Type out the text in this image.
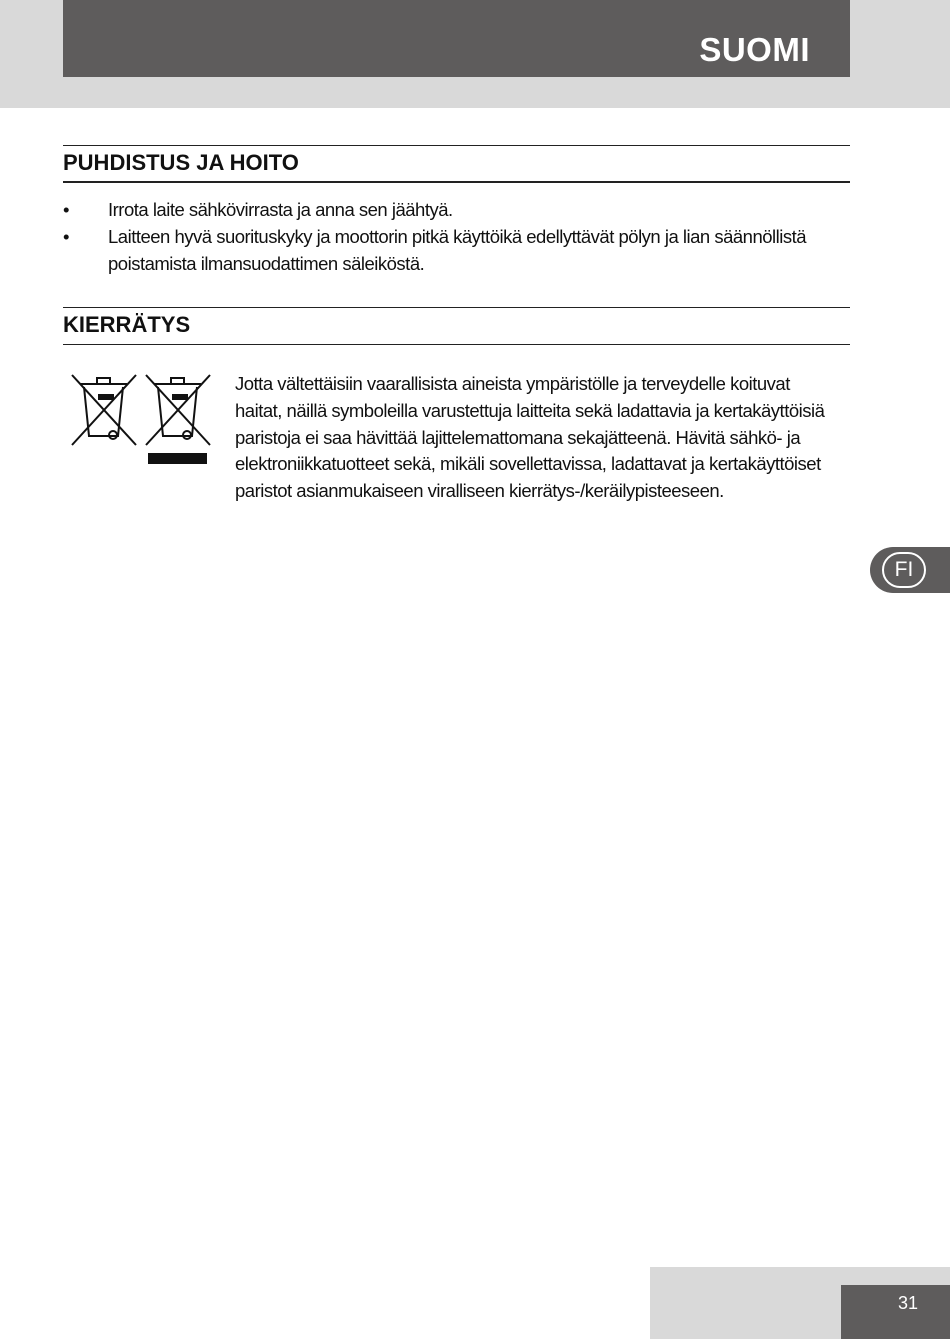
SUOMI
PUHDISTUS JA HOITO
• Irrota laite sähkövirrasta ja anna sen jäähtyä.
• Laitteen hyvä suorituskyky ja moottorin pitkä käyttöikä edellyttävät pölyn ja lian säännöllistä poistamista ilmansuodattimen säleiköstä.
KIERRÄTYS

Jotta vältettäisiin vaarallisista aineista ympäristölle ja terveydelle koituvat haitat, näillä symboleilla varustettuja laitteita sekä ladattavia ja kertakäyttöisiä paristoja ei saa hävittää lajittelemattomana sekajätteenä. Hävitä sähkö- ja elektroniikkatuotteet sekä, mikäli sovellettavissa, ladattavat ja kertakäyttöiset paristot asianmukaiseen viralliseen kierrätys-/keräilypisteeseen.

FI
31
